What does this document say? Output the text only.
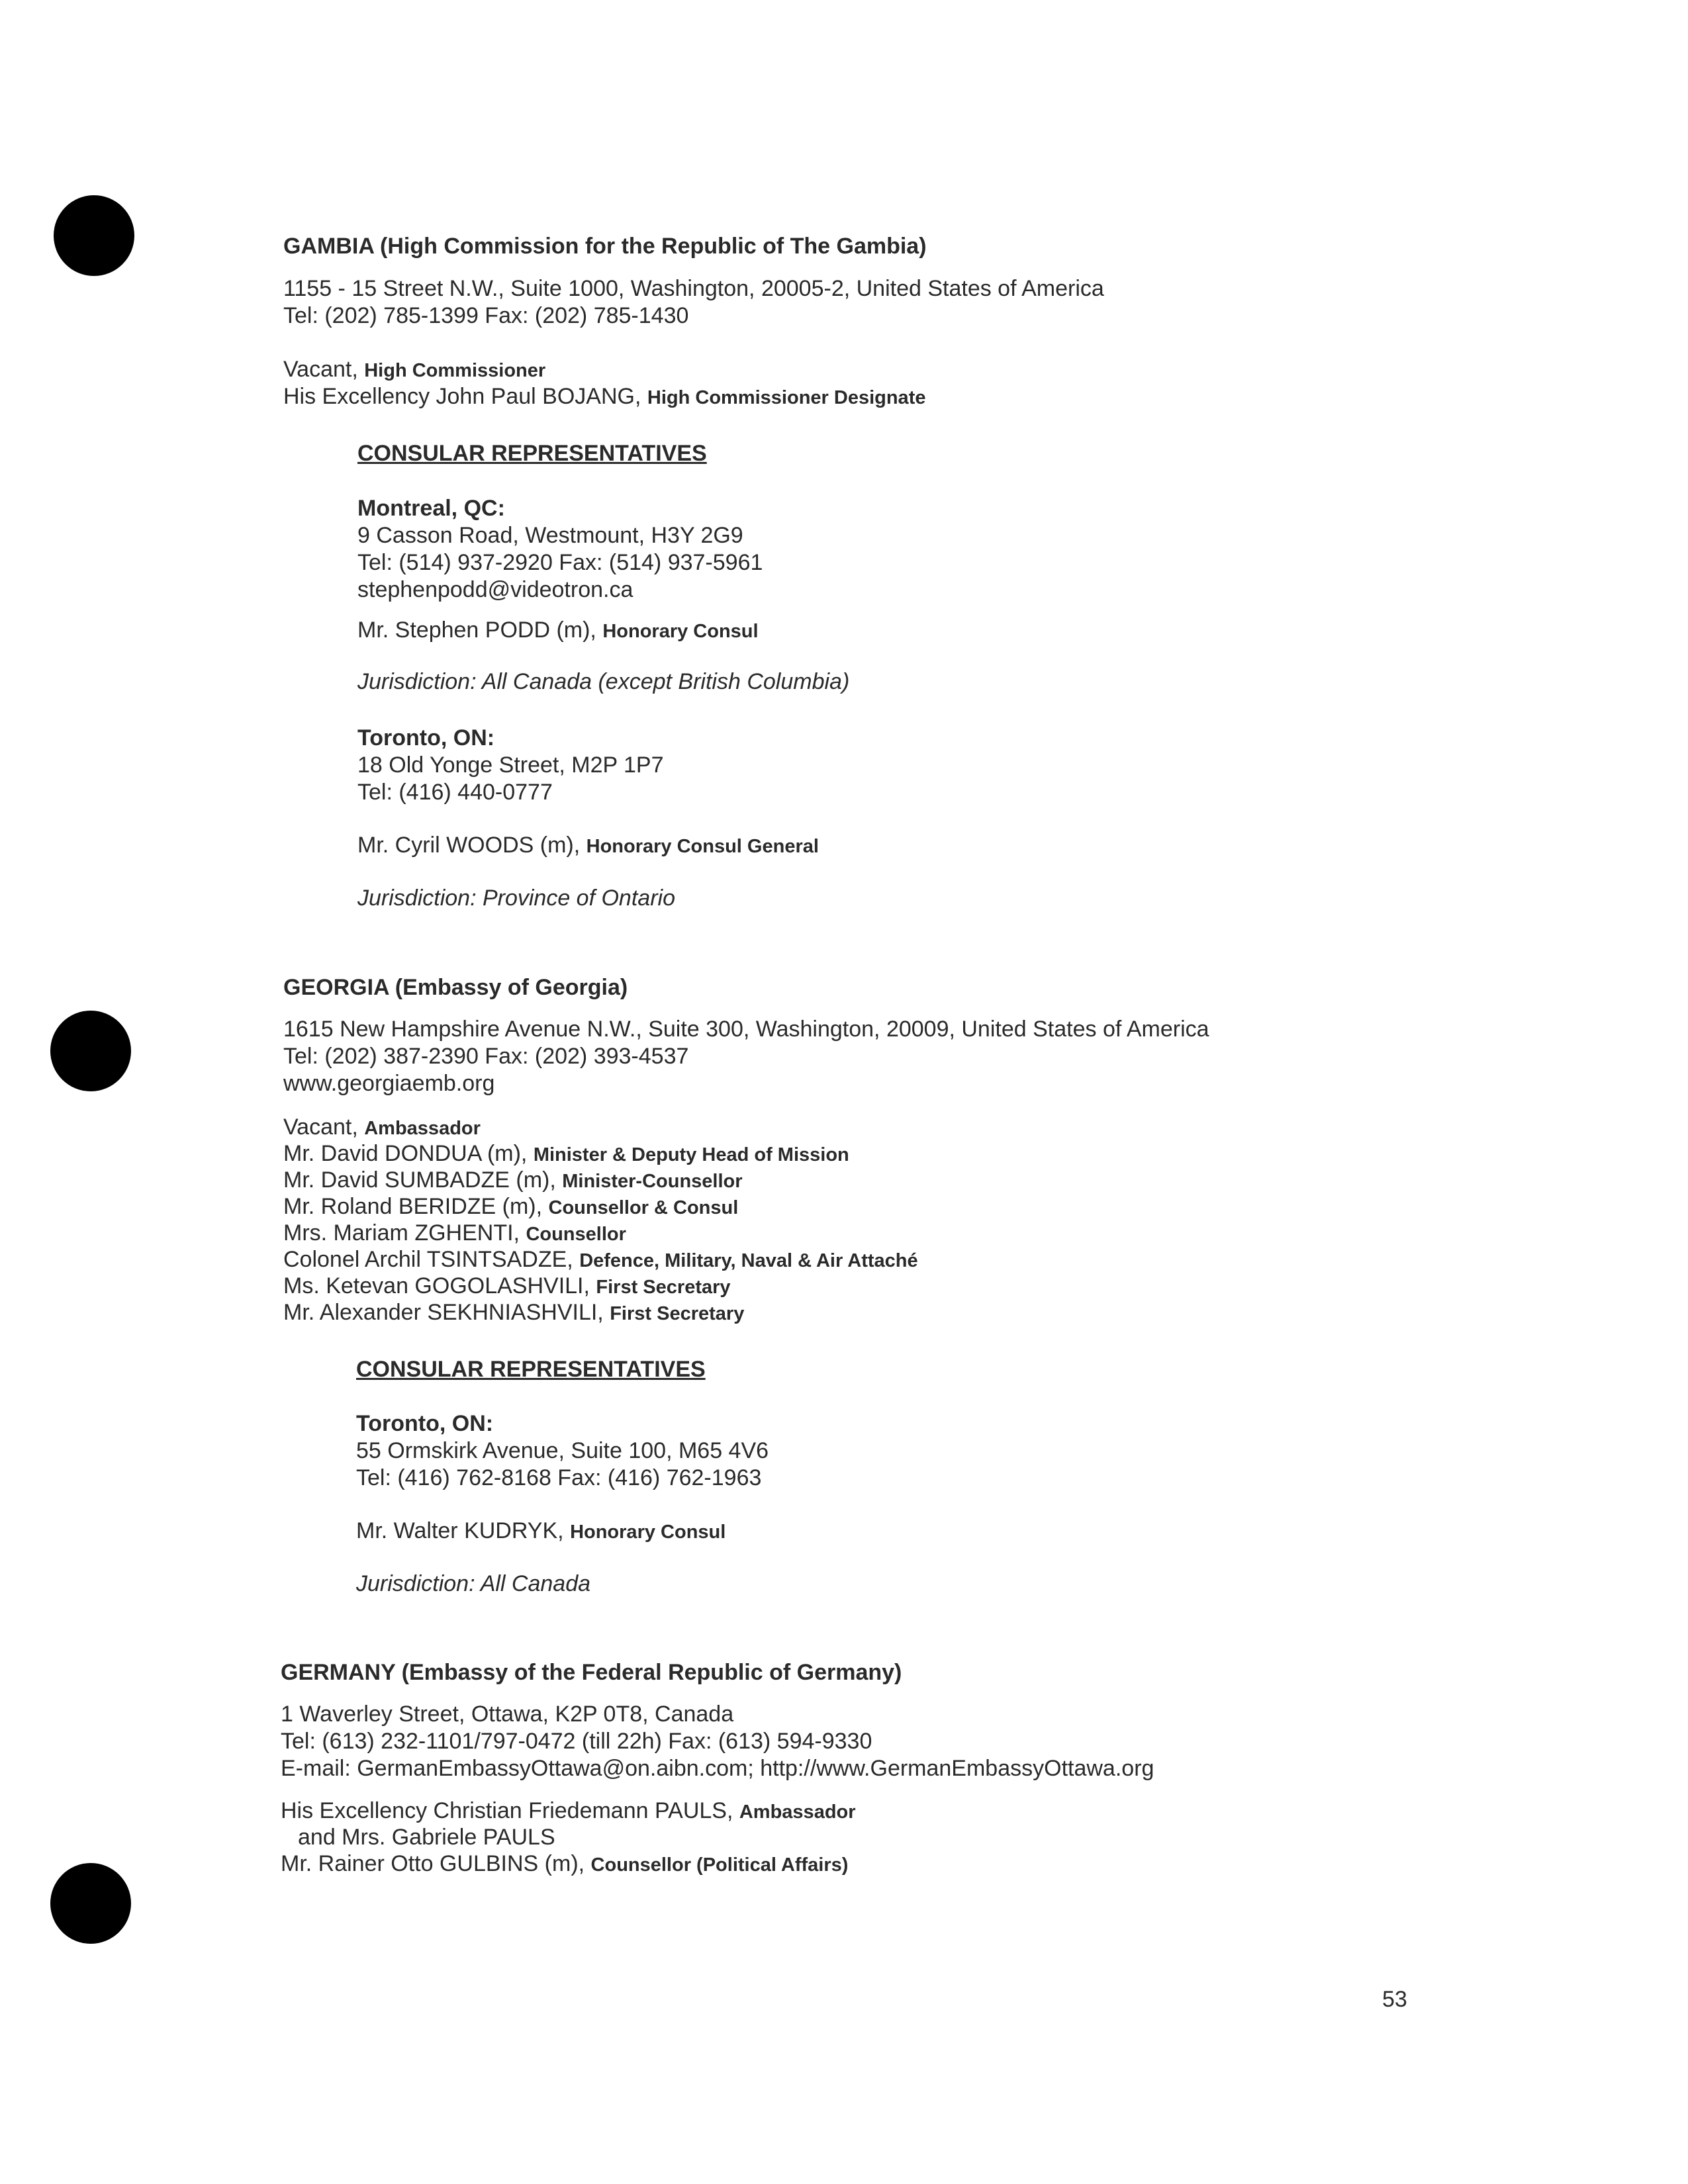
GAMBIA (High Commission for the Republic of The Gambia)
1155 - 15 Street N.W., Suite 1000, Washington, 20005-2, United States of America
Tel: (202) 785-1399 Fax: (202) 785-1430
Vacant, High Commissioner
His Excellency John Paul BOJANG, High Commissioner Designate
CONSULAR REPRESENTATIVES
Montreal, QC:
9 Casson Road, Westmount, H3Y 2G9
Tel: (514) 937-2920 Fax: (514) 937-5961
stephenpodd@videotron.ca
Mr. Stephen PODD (m), Honorary Consul
Jurisdiction: All Canada (except British Columbia)
Toronto, ON:
18 Old Yonge Street, M2P 1P7
Tel: (416) 440-0777
Mr. Cyril WOODS (m), Honorary Consul General
Jurisdiction: Province of Ontario
GEORGIA (Embassy of Georgia)
1615 New Hampshire Avenue N.W., Suite 300, Washington, 20009, United States of America
Tel: (202) 387-2390 Fax: (202) 393-4537
www.georgiaemb.org
Vacant, Ambassador
Mr. David DONDUA (m), Minister & Deputy Head of Mission
Mr. David SUMBADZE (m), Minister-Counsellor
Mr. Roland BERIDZE (m), Counsellor & Consul
Mrs. Mariam ZGHENTI, Counsellor
Colonel Archil TSINTSADZE, Defence, Military, Naval & Air Attaché
Ms. Ketevan GOGOLASHVILI, First Secretary
Mr. Alexander SEKHNIASHVILI, First Secretary
CONSULAR REPRESENTATIVES
Toronto, ON:
55 Ormskirk Avenue, Suite 100, M65 4V6
Tel: (416) 762-8168 Fax: (416) 762-1963
Mr. Walter KUDRYK, Honorary Consul
Jurisdiction: All Canada
GERMANY (Embassy of the Federal Republic of Germany)
1 Waverley Street, Ottawa, K2P 0T8, Canada
Tel: (613) 232-1101/797-0472 (till 22h) Fax: (613) 594-9330
E-mail: GermanEmbassyOttawa@on.aibn.com; http://www.GermanEmbassyOttawa.org
His Excellency Christian Friedemann PAULS, Ambassador
and Mrs. Gabriele PAULS
Mr. Rainer Otto GULBINS (m), Counsellor (Political Affairs)
53
